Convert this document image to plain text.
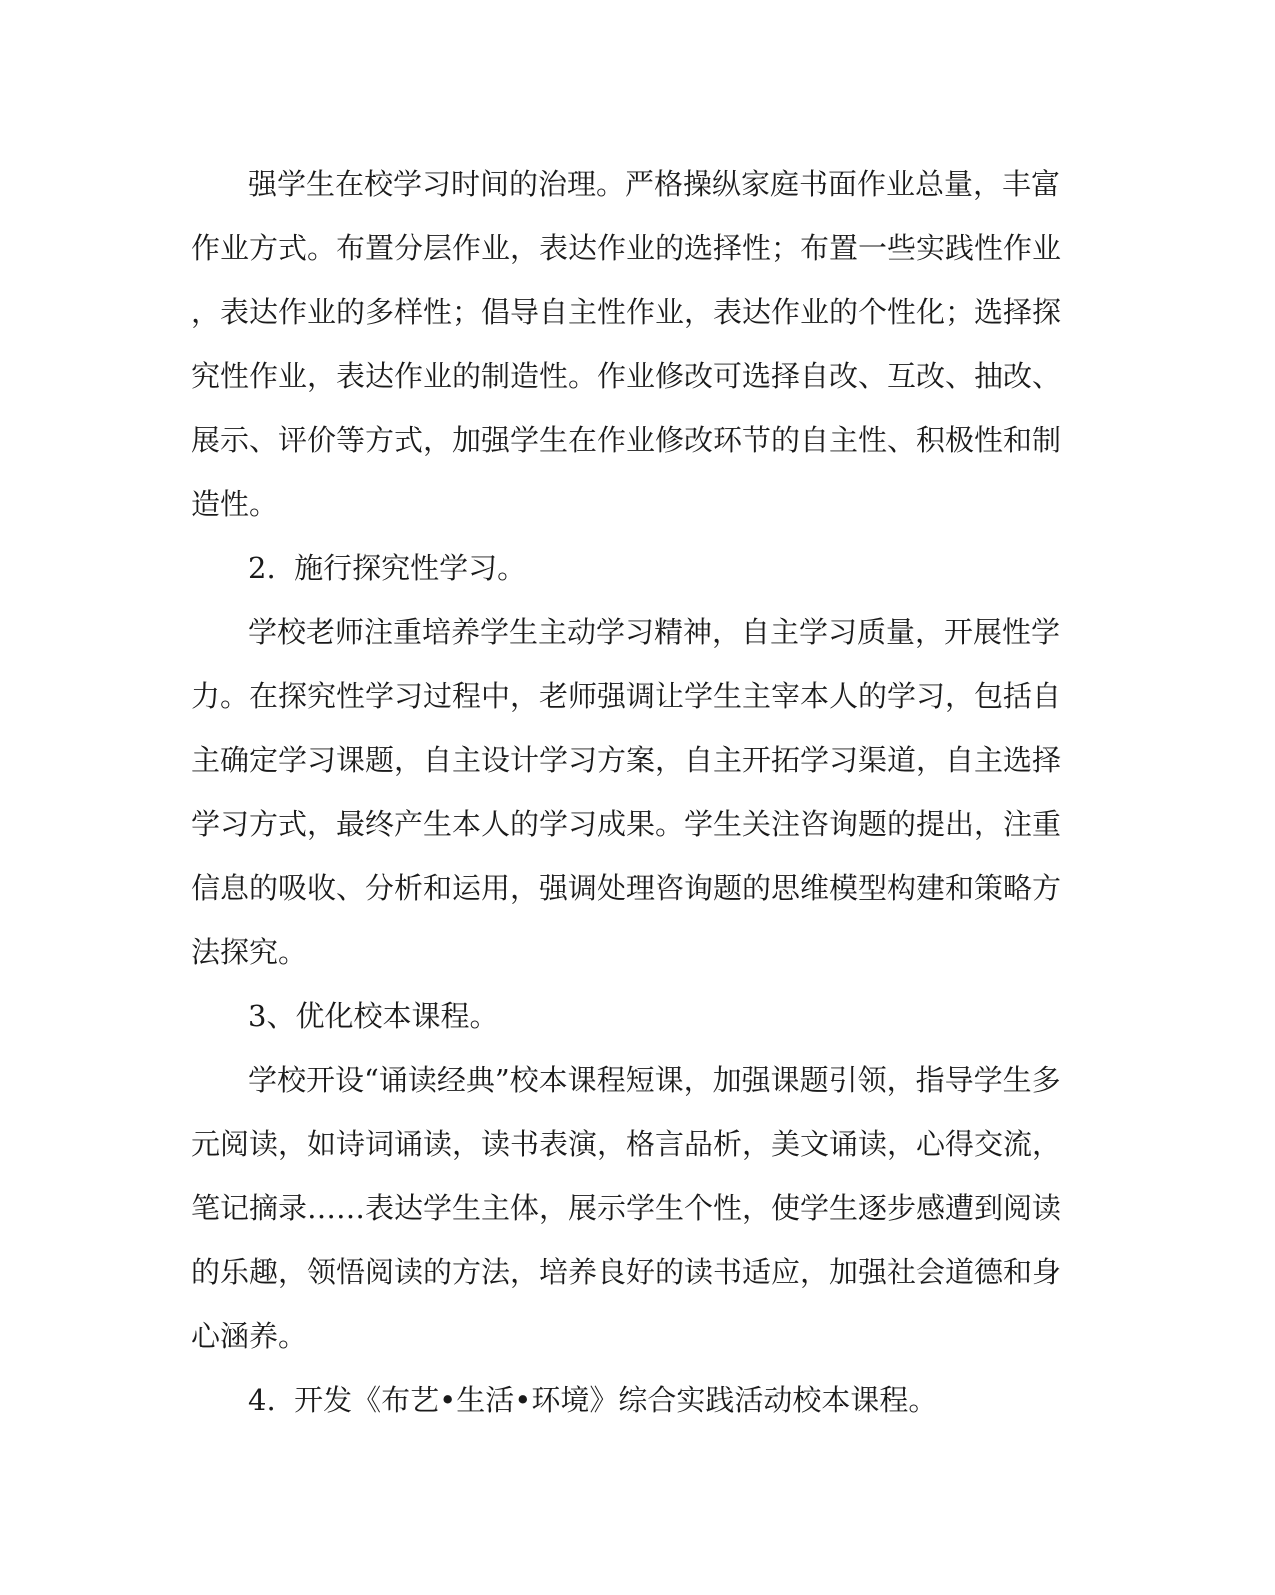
强学生在校学习时间的治理。严格操纵家庭书面作业总量，丰富
作业方式。布置分层作业，表达作业的选择性；布置一些实践性作业
，表达作业的多样性；倡导自主性作业，表达作业的个性化；选择探
究性作业，表达作业的制造性。作业修改可选择自改、互改、抽改、
展示、评价等方式，加强学生在作业修改环节的自主性、积极性和制
造性。
2.  施行探究性学习。
学校老师注重培养学生主动学习精神，自主学习质量，开展性学
力。在探究性学习过程中，老师强调让学生主宰本人的学习，包括自
主确定学习课题，自主设计学习方案，自主开拓学习渠道，自主选择
学习方式，最终产生本人的学习成果。学生关注咨询题的提出，注重
信息的吸收、分析和运用，强调处理咨询题的思维模型构建和策略方
法探究。
3、优化校本课程。
学校开设“诵读经典”校本课程短课，加强课题引领，指导学生多
元阅读，如诗词诵读，读书表演，格言品析，美文诵读，心得交流，
笔记摘录……表达学生主体，展示学生个性，使学生逐步感遭到阅读
的乐趣，领悟阅读的方法，培养良好的读书适应，加强社会道德和身
心涵养。
4.  开发《布艺•生活•环境》综合实践活动校本课程。
